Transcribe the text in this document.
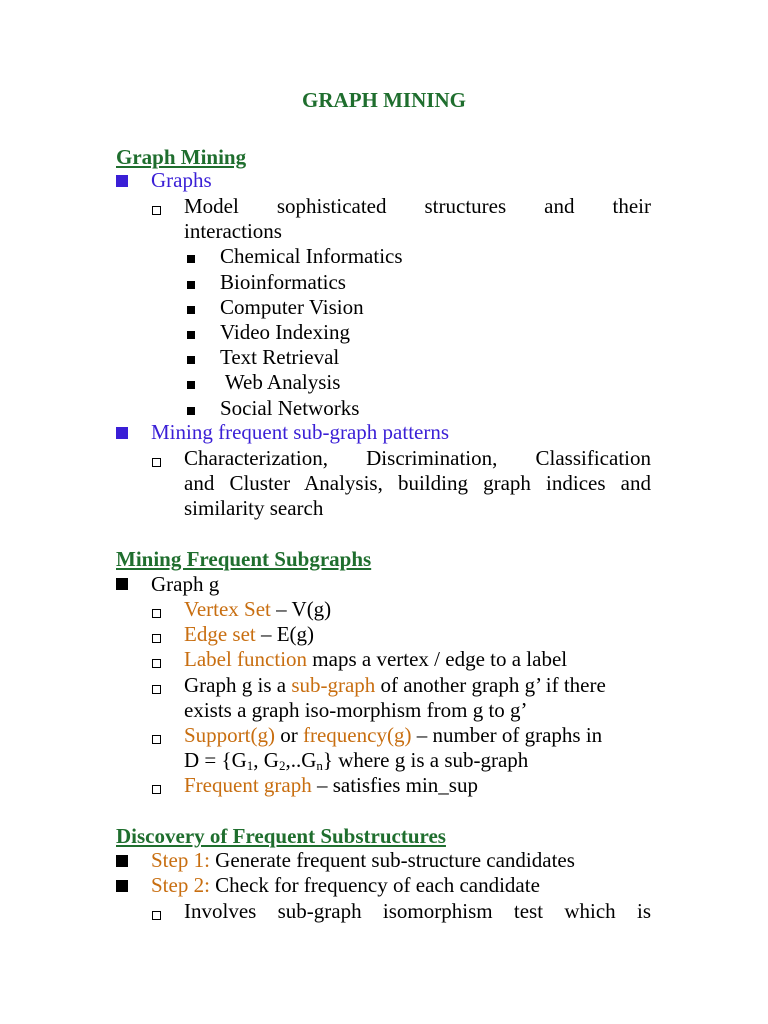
GRAPH MINING
Graph Mining
Graphs
Model sophisticated structures and their
interactions
Chemical Informatics
Bioinformatics
Computer Vision
Video Indexing
Text Retrieval
Web Analysis
Social Networks
Mining frequent sub-graph patterns
Characterization, Discrimination, Classification
and Cluster Analysis, building graph indices and
similarity search
Mining Frequent Subgraphs
Graph g
Vertex Set – V(g)
Edge set – E(g)
Label function maps a vertex / edge to a label
Graph g is a sub-graph of another graph g’ if there
exists a graph iso-morphism from g to g’
Support(g) or frequency(g) – number of graphs in
$D = \{G_1$, $G_2,..G_n$} where g is a sub-graph
Frequent graph – satisfies min_sup
Discovery of Frequent Substructures
Step 1: Generate frequent sub-structure candidates
Step 2: Check for frequency of each candidate
Involves sub-graph isomorphism test which is
